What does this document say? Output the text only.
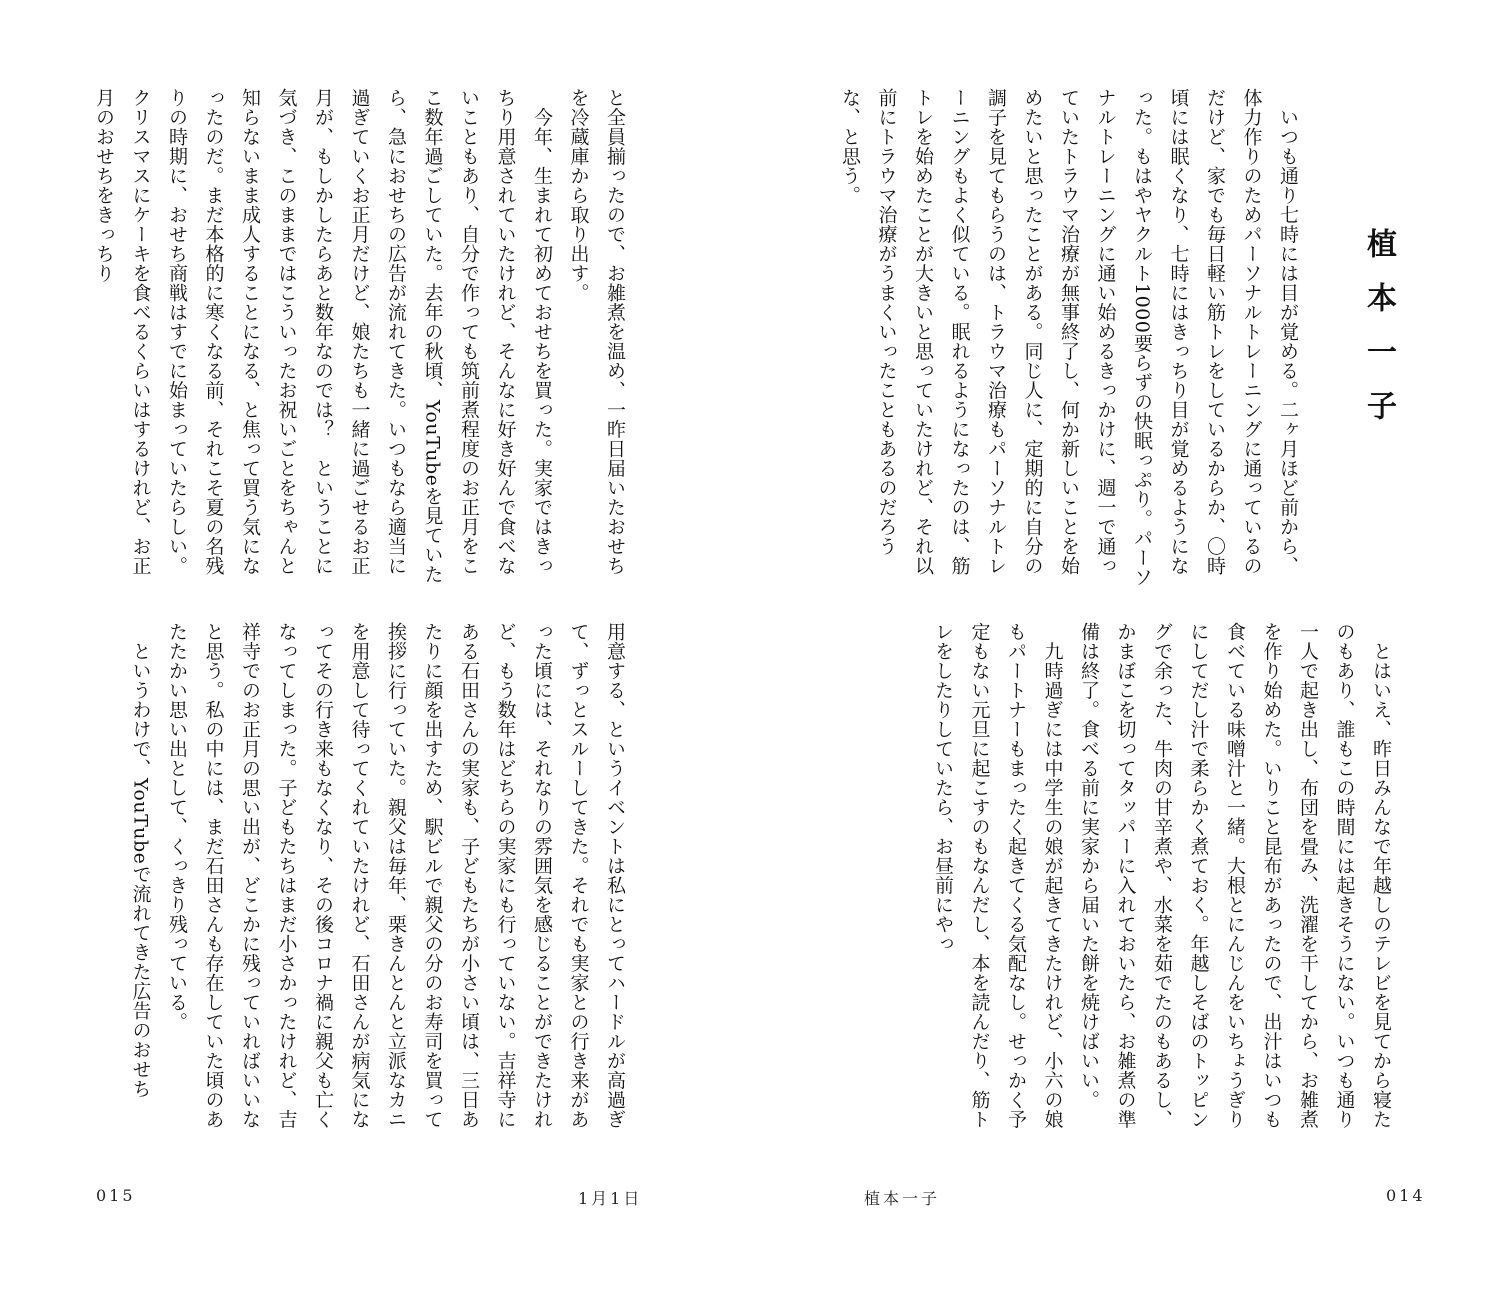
と全員揃ったので、お雑煮を温め、一昨日届いたおせちを冷蔵庫から取り出す。
　今年、生まれて初めておせちを買った。実家ではきっちり用意されていたけれど、そんなに好き好んで食べないこともあり、自分で作っても筑前煮程度のお正月をここ数年過ごしていた。去年の秋頃、YouTubeを見ていたら、急におせちの広告が流れてきた。いつもなら適当に過ぎていくお正月だけど、娘たちも一緒に過ごせるお正月が、もしかしたらあと数年なのでは？　ということに気づき、このままではこういったお祝いごとをちゃんと知らないまま成人することになる、と焦って買う気になったのだ。まだ本格的に寒くなる前、それこそ夏の名残りの時期に、おせち商戦はすでに始まっていたらしい。クリスマスにケーキを食べるくらいはするけれど、お正月のおせちをきっちり
用意する、というイベントは私にとってハードルが高過ぎて、ずっとスルーしてきた。それでも実家との行き来があった頃には、それなりの雰囲気を感じることができたけれど、もう数年はどちらの実家にも行っていない。吉祥寺にある石田さんの実家も、子どもたちが小さい頃は、三日あたりに顔を出すため、駅ビルで親父の分のお寿司を買って挨拶に行っていた。親父は毎年、栗きんとんと立派なカニを用意して待ってくれていたけれど、石田さんが病気になってその行き来もなくなり、その後コロナ禍に親父も亡くなってしまった。子どもたちはまだ小さかったけれど、吉祥寺でのお正月の思い出が、どこかに残っていればいいなと思う。私の中には、まだ石田さんも存在していた頃のあたたかい思い出として、くっきり残っている。
　というわけで、YouTubeで流れてきた広告のおせち
015	1月1日
植本一子
　いつも通り七時には目が覚める。二ヶ月ほど前から、体力作りのためパーソナルトレーニングに通っているのだけど、家でも毎日軽い筋トレをしているからか、〇時頃には眠くなり、七時にはきっちり目が覚めるようになった。もはやヤクルト1000要らずの快眠っぷり。パーソナルトレーニングに通い始めるきっかけに、週一で通っていたトラウマ治療が無事終了し、何か新しいことを始めたいと思ったことがある。同じ人に、定期的に自分の調子を見てもらうのは、トラウマ治療もパーソナルトレーニングもよく似ている。眠れるようになったのは、筋トレを始めたことが大きいと思っていたけれど、それ以前にトラウマ治療がうまくいったこともあるのだろうな、と思う。
　とはいえ、昨日みんなで年越しのテレビを見てから寝たのもあり、誰もこの時間には起きそうにない。いつも通り一人で起き出し、布団を畳み、洗濯を干してから、お雑煮を作り始めた。いりこと昆布があったので、出汁はいつも食べている味噌汁と一緒。大根とにんじんをいちょうぎりにしてだし汁で柔らかく煮ておく。年越しそばのトッピングで余った、牛肉の甘辛煮や、水菜を茹でたのもあるし、かまぼこを切ってタッパーに入れておいたら、お雑煮の準備は終了。食べる前に実家から届いた餅を焼けばいい。
　九時過ぎには中学生の娘が起きてきたけれど、小六の娘もパートナーもまったく起きてくる気配なし。せっかく予定もない元旦に起こすのもなんだし、本を読んだり、筋トレをしたりしていたら、お昼前にやっ
植本一子	014
